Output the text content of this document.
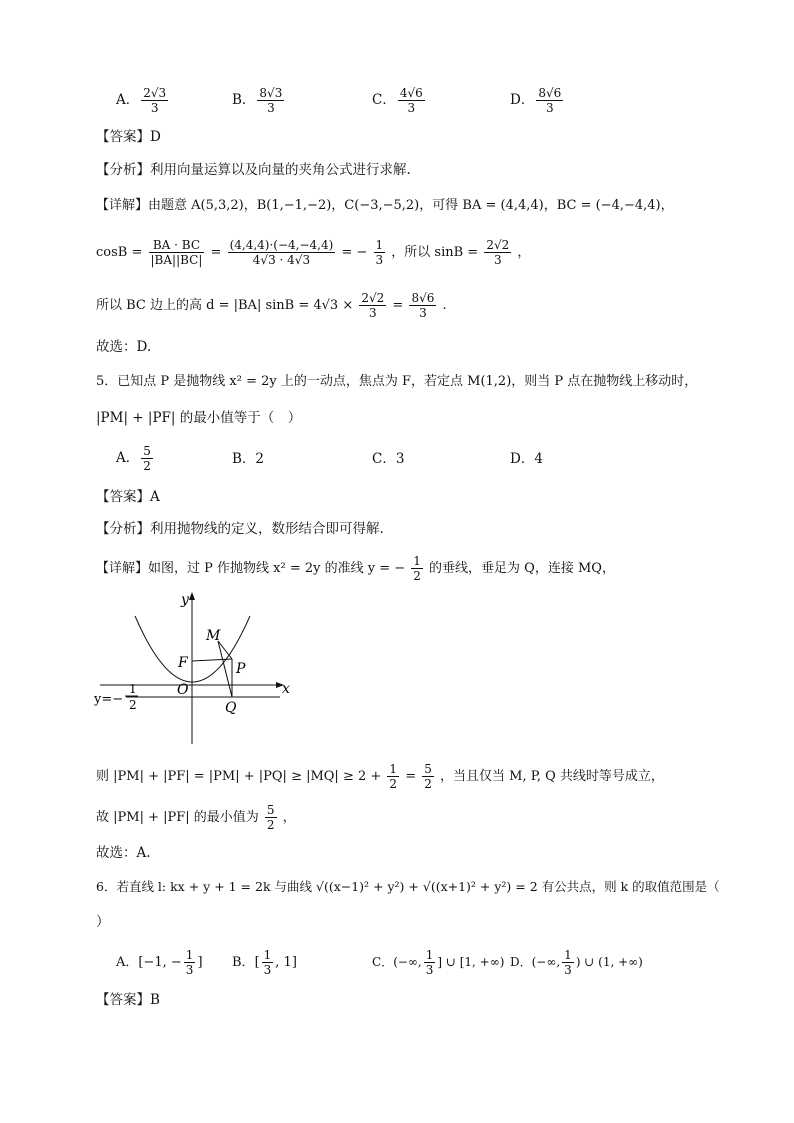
A． $\frac{2√3}{3}$	B． $\frac{8√3}{3}$	C． $\frac{4√6}{3}$	D． $\frac{8√6}{3}$
【答案】D
【分析】利用向量运算以及向量的夹角公式进行求解.
【详解】由题意 A(5,3,2)，B(1,−1,−2)，C(−3,−5,2)，可得 BA = (4,4,4)，BC = (−4,−4,4)，
$\cos B = \frac{BA \cdot BC}{|BA||BC|} = \frac{(4,4,4)\cdot(-4,-4,4)}{4√3 \cdot 4√3}$ = − $\frac{1}{3}$ ，所以 $\sin B = \frac{2√2}{3}$ ，
所以 BC 边上的高 d = |BA| $\sin B = 4√3 \times \frac{2√2}{3} = \frac{8√6}{3}$ .
故选：D.
5．已知点 P 是抛物线 x² = 2y 上的一动点，焦点为 F，若定点 M(1,2)，则当 P 点在抛物线上移动时，
|PM| + |PF| 的最小值等于（　）
A． $\frac{5}{2}$	B．2	C．3	D．4
【答案】A
【分析】利用抛物线的定义，数形结合即可得解.
【详解】如图，过 P 作抛物线 x² = 2y 的准线 y = − $\frac{1}{2}$ 的垂线，垂足为 Q，连接 MQ，
y
x
M
F	P
O
Q
y=−
1
2
则 $|PM| + |PF| = |PM| + |PQ| \ge |MQ| \ge 2 + \frac{1}{2} = \frac{5}{2}$ ，当且仅当 M, P, Q 共线时等号成立，
故 |PM| + |PF| 的最小值为 $\frac{5}{2}$ ，
故选：A.
6．若直线 l: kx + y + 1 = 2k 与曲线 √((x−1)² + y²) + √((x+1)² + y²) = 2 有公共点，则 k 的取值范围是（
）
A．[−1, − $\frac{1}{3}$ ] B．[ $\frac{1}{3}$ , 1]	C．(−∞, $\frac{1}{3}$ ] ∪ [1, +∞) D．(−∞, $\frac{1}{3}$ ) ∪ (1, +∞)
【答案】B
